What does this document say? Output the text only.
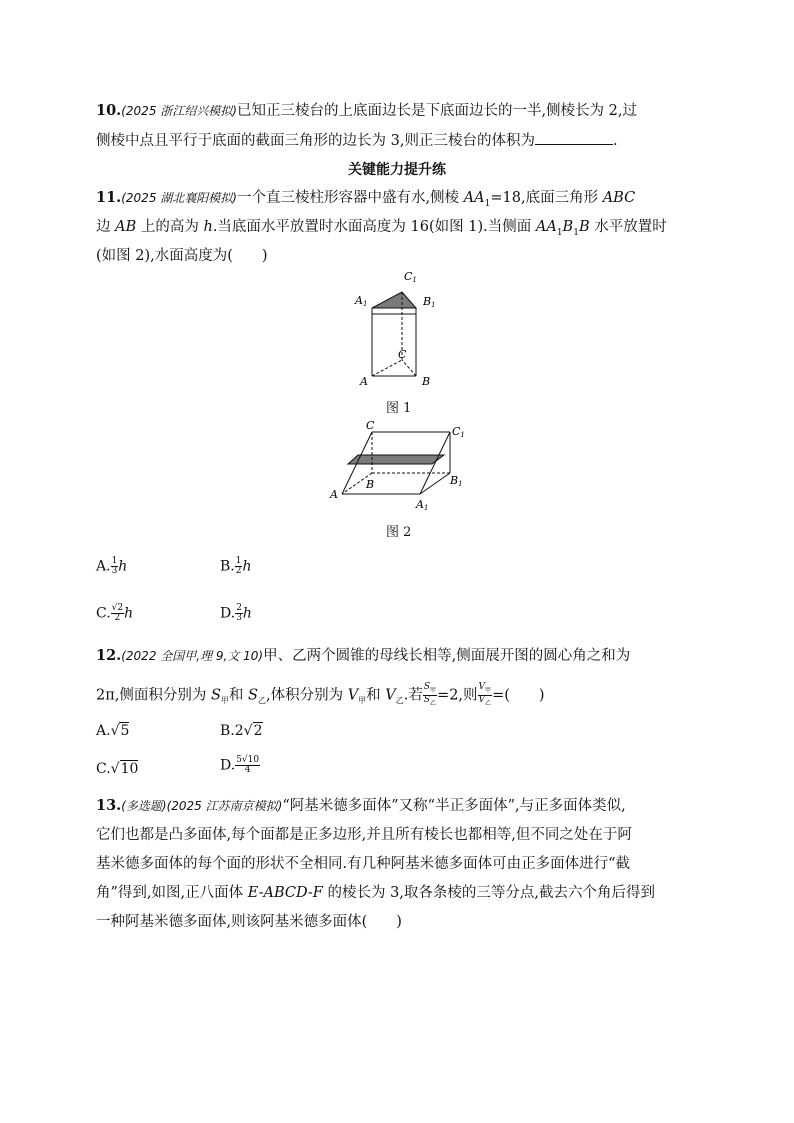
10.(2025 浙江绍兴模拟)已知正三棱台的上底面边长是下底面边长的一半,侧棱长为 2,过
侧棱中点且平行于底面的截面三角形的边长为 3,则正三棱台的体积为	.
关键能力提升练
11.(2025 湖北襄阳模拟)一个直三棱柱形容器中盛有水,侧棱 $AA_1=18$,底面三角形 ABC
边 AB 上的高为 h.当底面水平放置时水面高度为 16(如图 1).当侧面 $AA_1B_1B$ 水平放置时
(如图 2),水面高度为(　　)
C1
A1	B1
C
A	B
图 1
C	C1
A
B	B1
A1
图 2
A. $\frac{1}{3}$ h	B. $\frac{1}{2}$ h
C. $\frac{√2}{2}$ h	D. $\frac{2}{3}$ h
12.(2022 全国甲,理 9,文 10)甲、乙两个圆锥的母线长相等,侧面展开图的圆心角之和为
2π,侧面积分别为 $S_甲$和 $S_乙$,体积分别为 $V_甲$和 $V_乙$.若 $\frac{S_甲}{S_乙} =2$,则 $\frac{V_甲}{V_乙}$ =(　　)
A.√5	B.2√2
C.√10	D. $\frac{5√10}{4}$
13.(多选题)(2025 江苏南京模拟)“阿基米德多面体”又称“半正多面体”,与正多面体类似,
它们也都是凸多面体,每个面都是正多边形,并且所有棱长也都相等,但不同之处在于阿
基米德多面体的每个面的形状不全相同.有几种阿基米德多面体可由正多面体进行“截
角”得到,如图,正八面体 E-ABCD-F 的棱长为 3,取各条棱的三等分点,截去六个角后得到
一种阿基米德多面体,则该阿基米德多面体(　　)
